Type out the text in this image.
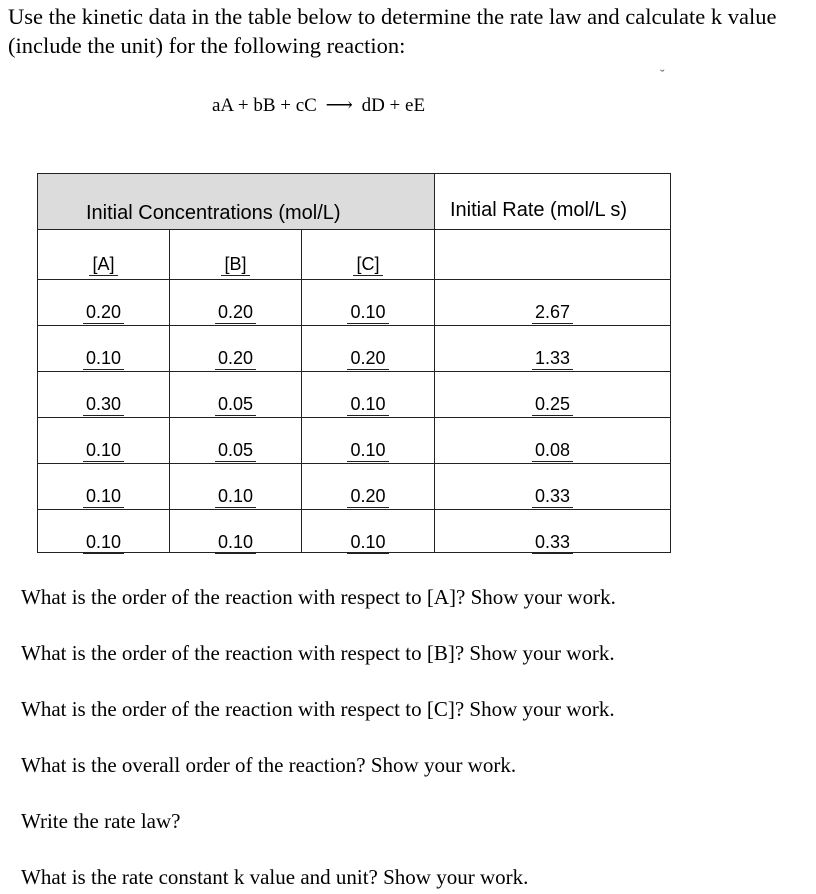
Use the kinetic data in the table below to determine the rate law and calculate k value (include the unit) for the following reaction:

˘
aA + bB + cC ⟶ dD + eE
Initial Concentrations (mol/L)	Initial Rate (mol/L s)
[A]	[B]	[C]
0.20	0.20	0.10	2.67
0.10	0.20	0.20	1.33
0.30	0.05	0.10	0.25
0.10	0.05	0.10	0.08
0.10	0.10	0.20	0.33
0.10	0.10	0.10	0.33
What is the order of the reaction with respect to [A]? Show your work.
What is the order of the reaction with respect to [B]? Show your work.
What is the order of the reaction with respect to [C]? Show your work.
What is the overall order of the reaction? Show your work.
Write the rate law?
What is the rate constant k value and unit? Show your work.
